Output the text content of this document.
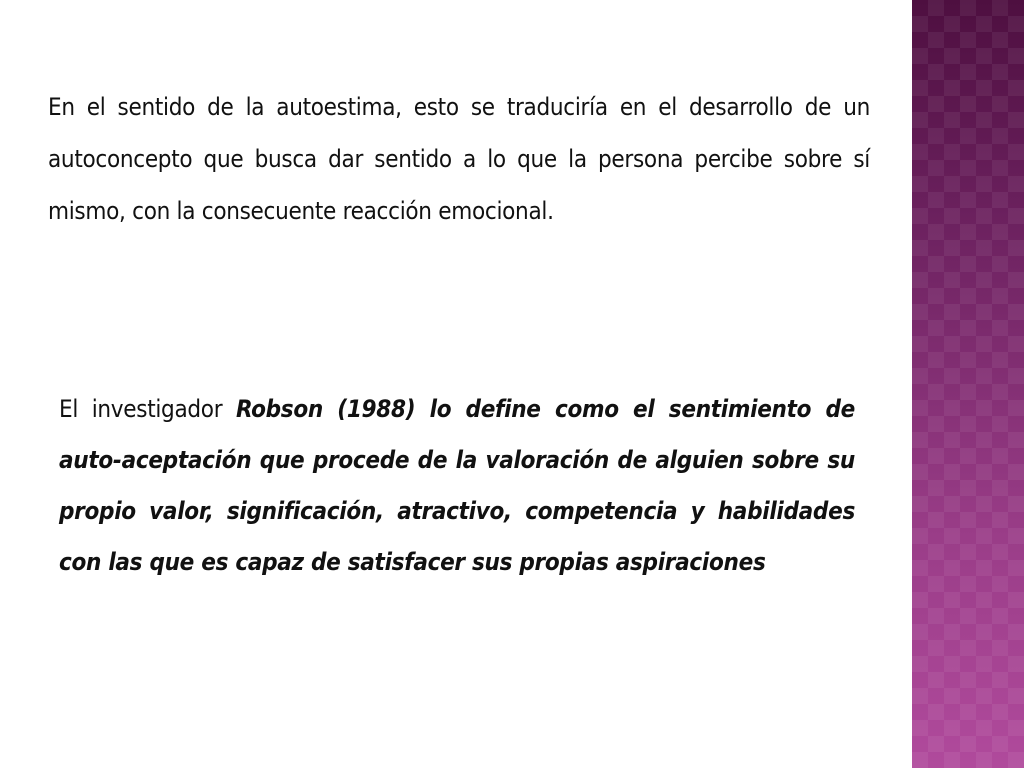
En el sentido de la autoestima, esto se traduciría en el desarrollo de un autoconcepto que busca dar sentido a lo que la persona percibe sobre sí mismo, con la consecuente reacción emocional.

El investigador Robson (1988) lo define como el sentimiento de auto-aceptación que procede de la valoración de alguien sobre su propio valor, significación, atractivo, competencia y habilidades con las que es capaz de satisfacer sus propias aspiraciones
